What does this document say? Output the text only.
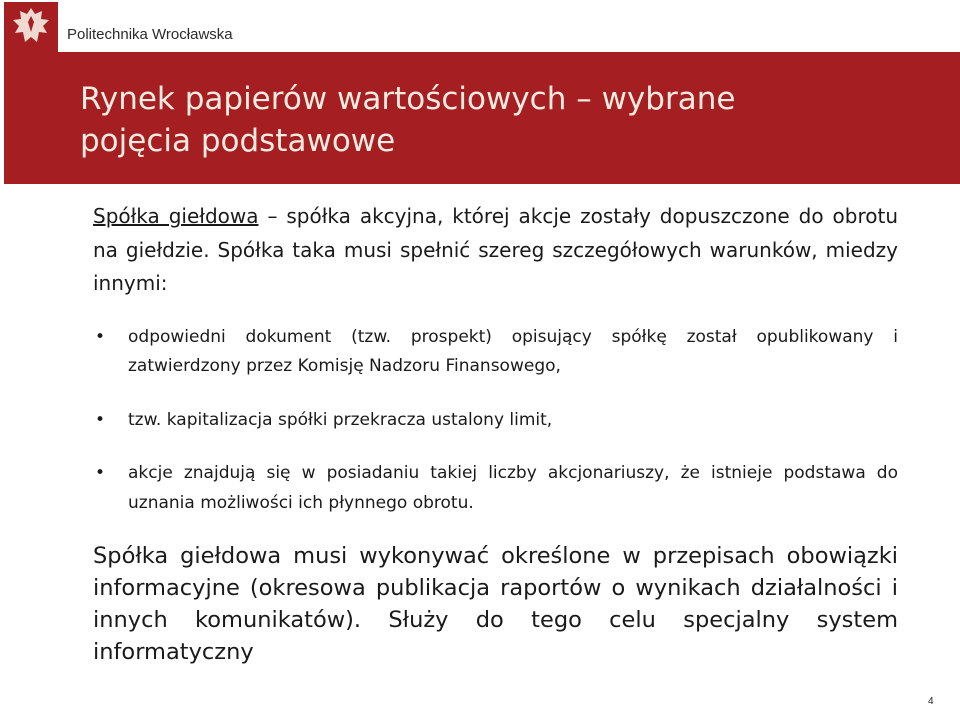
Politechnika Wrocławska
Rynek papierów wartościowych – wybrane
pojęcia podstawowe

Spółka giełdowa – spółka akcyjna, której akcje zostały dopuszczone do obrotu na giełdzie. Spółka taka musi spełnić szereg szczegółowych warunków, miedzy innymi:

• odpowiedni dokument (tzw. prospekt) opisujący spółkę został opublikowany i zatwierdzony przez Komisję Nadzoru Finansowego,
• tzw. kapitalizacja spółki przekracza ustalony limit,
• akcje znajdują się w posiadaniu takiej liczby akcjonariuszy, że istnieje podstawa do uznania możliwości ich płynnego obrotu.

Spółka giełdowa musi wykonywać określone w przepisach obowiązki informacyjne (okresowa publikacja raportów o wynikach działalności i innych komunikatów). Służy do tego celu specjalny system informatyczny

4
